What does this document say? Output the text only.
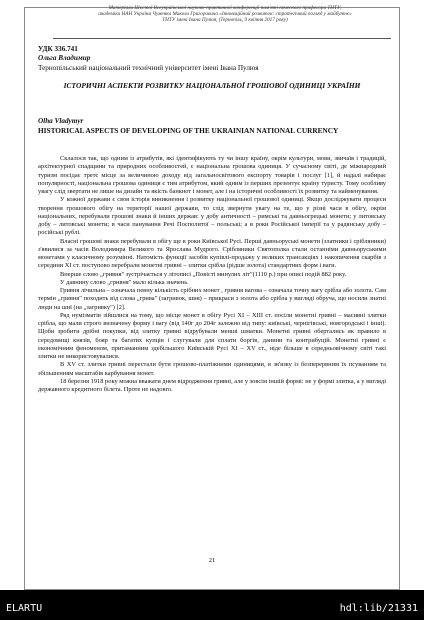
Матеріали Шостої Всеукраїнської науково-практичної конференції пам'яті почесного професора ТНТУ,
академіка НАН України Чуменка Миколи Григоровича «Інноваційний розвиток: стратегічний погляд у майбутнє»
ТНТУ імені Івана Пулюя, (Тернопіль, 9 квітня 2017 року)
УДК 336.741
Ольга Владимир
Тернопільський національний технічний університет імені Івана Пулюя
ІСТОРИЧНІ АСПЕКТИ РОЗВИТКУ НАЦІОНАЛЬНОЇ ГРОШОВОЇ ОДИНИЦІ УКРАЇНИ
Olha Vladymyr
HISTORICAL ASPECTS OF DEVELOPING OF THE UKRAINIAN NATIONAL CURRENCY

Склалося так, що одним із атрибутів, які ідентифікують ту чи іншу країну, окрім культури, мови, звичаїв і традицій, архітектурної спадщини та природних особливостей, є національна грошова одиниця. У сучасному світі, де міжнародний туризм посідає третє місце за величиною доходу від загальносвітового експорту товарів і послуг [1], й надалі набирає популярності, національна грошова одиниця є тим атрибутом, який одним із перших презентує країну туристу. Тому особливу увагу слід звертати не лише на дизайн та якість банкнот і монет, але і на історичні особливості їх розвитку та найменування.

У кожної держави є своя історія виникнення і розвитку національної грошової одиниці. Якщо досліджувати процеси творення грошового обігу на території нашої держави, то слід звернути увагу на те, що у різні часи в обігу, окрім національних, перебували грошові знаки й інших держав: у добу античності – римські та давньогрецькі монети; у литовську добу – литовські монети; в часи панування Речі Посполитої – польські; а в роки Російської імперії та у радянську добу – російські рублі.

Власні грошові знаки перебували в обігу ще в роки Київської Русі. Перші давньоруські монети (златники і срібляники) з'явилися за часів Володимира Великого та Ярослава Мудрого. Срібляники Святополка стали останніми давньоруськими монетами у класичному розумінні. Натомість функції засобів купівлі-продажу у великих трансакціях і накопичення скарбів з середини XI ст. поступово перебрали монетні гривні – злитки срібла (рідше золота) стандартних форм і ваги.

Вперше слово „гривня" зустрічається у літописі „Повісті минулих літ"(1110 р.) при описі подій 882 року.

У давнину слово „гривня" мало кілька значень.

Гривня лічильна – означала певну кількість срібних монет , гривня вагова – означала точну вагу срібла або золота. Сам термін „гривня" походить від слова „грива" (загривок, шия) – прикраси з золота або срібла у вигляді обруча, що носили знатні люди на шиї (на „загривку") [2].

Ряд нумізматів зійшлися на тому, що місце монет в обігу Русі XI – XIII ст. посіли монетні гривні – масивні злитки срібла, що мали строго визначену форму і вагу (від 140г до 204г залежно від типу: київські, чернігівські, новгородські і інші). Щоби зробити дрібні покупки, від злитку гривні відрубували менші шматки. Монетні гривні обертались як правило в середовищі князів, бояр та багатих купців і слугували для сплати боргів, данини та контрибуцій. Монетні гривні є економічним феноменом, притаманним здебільшого Київській Русі XI – XV ст., ніде більше в середньовічному світі такі злитки не використовувалися.

В XV ст. злитки гривні перестали бути грошово-платіжними одиницями, в зв'язку із безперервним їх псуванням та збільшенням масштабів карбування монет.

18 березня 1918 року можна вважати днем відродження гривні, але у зовсім іншій формі: не у формі злитка, а у вигляді державного кредитного білета. Проте не надовго.

21
ELARTU	hdl:lib/21331
